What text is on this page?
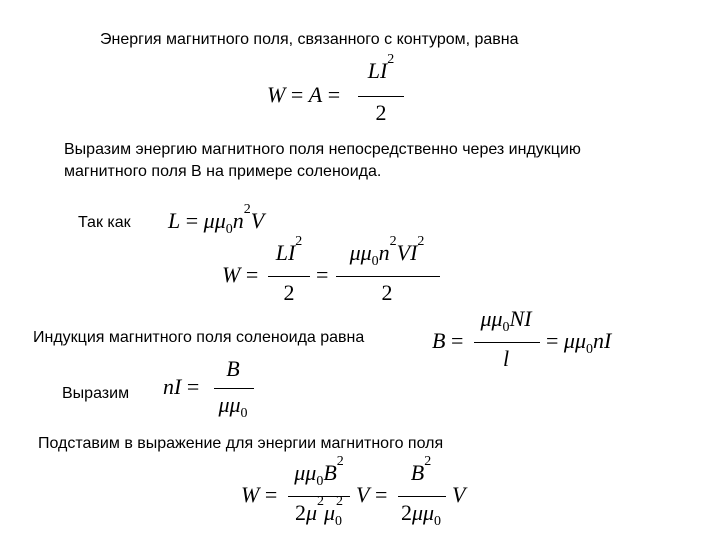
Энергия магнитного поля, связанного с контуром, равна
Выразим энергию магнитного поля непосредственно через индукцию
магнитного поля B на примере соленоида.
Так как
Индукция магнитного поля соленоида равна
Выразим
Подставим в выражение для энергии магнитного поля
W = A =
$LI^2$
2
$L = \mu\mu_0n^2V$
W =
$LI^2$
2
=
$\mu\mu_0n^2VI^2$
2
B =
$\mu\mu_0NI$
l
= $\mu\mu_0nI$
nI =
B
$\mu\mu_0$
W =
$\mu\mu_0B^2$
$2\mu^2\mu_0^2$ V =
$B^2$
$2\mu\mu_0$
V
